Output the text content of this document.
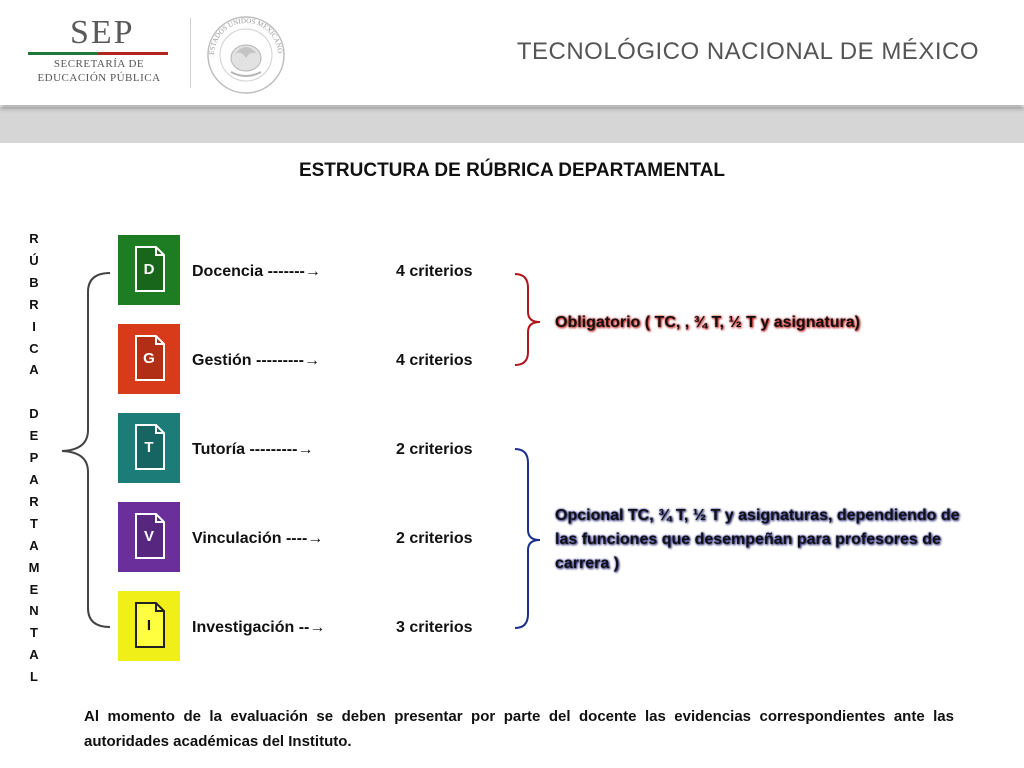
SEP
SECRETARÍA DE
EDUCACIÓN PÚBLICA
ESTADOS UNIDOS MEXICANO	TECNOLÓGICO NACIONAL DE MÉXICO
ESTRUCTURA DE RÚBRICA DEPARTAMENTAL
R
Ú
B
R
I
C
A

D
E
P
A
R
T
A
M
E
N
T
A
L
D	Docencia -------→	4 criterios
G	Gestión ---------→	4 criterios
T	Tutoría ---------→	2 criterios
V	Vinculación ----→	2 criterios
I	Investigación --→	3 criterios
Obligatorio ( TC, , ¾ T, ½ T y asignatura)
Opcional TC, ¾ T, ½ T y asignaturas, dependiendo de las funciones que desempeñan para profesores de carrera )
Al momento de la evaluación se deben presentar por parte del docente las evidencias correspondientes ante las autoridades académicas del Instituto.
